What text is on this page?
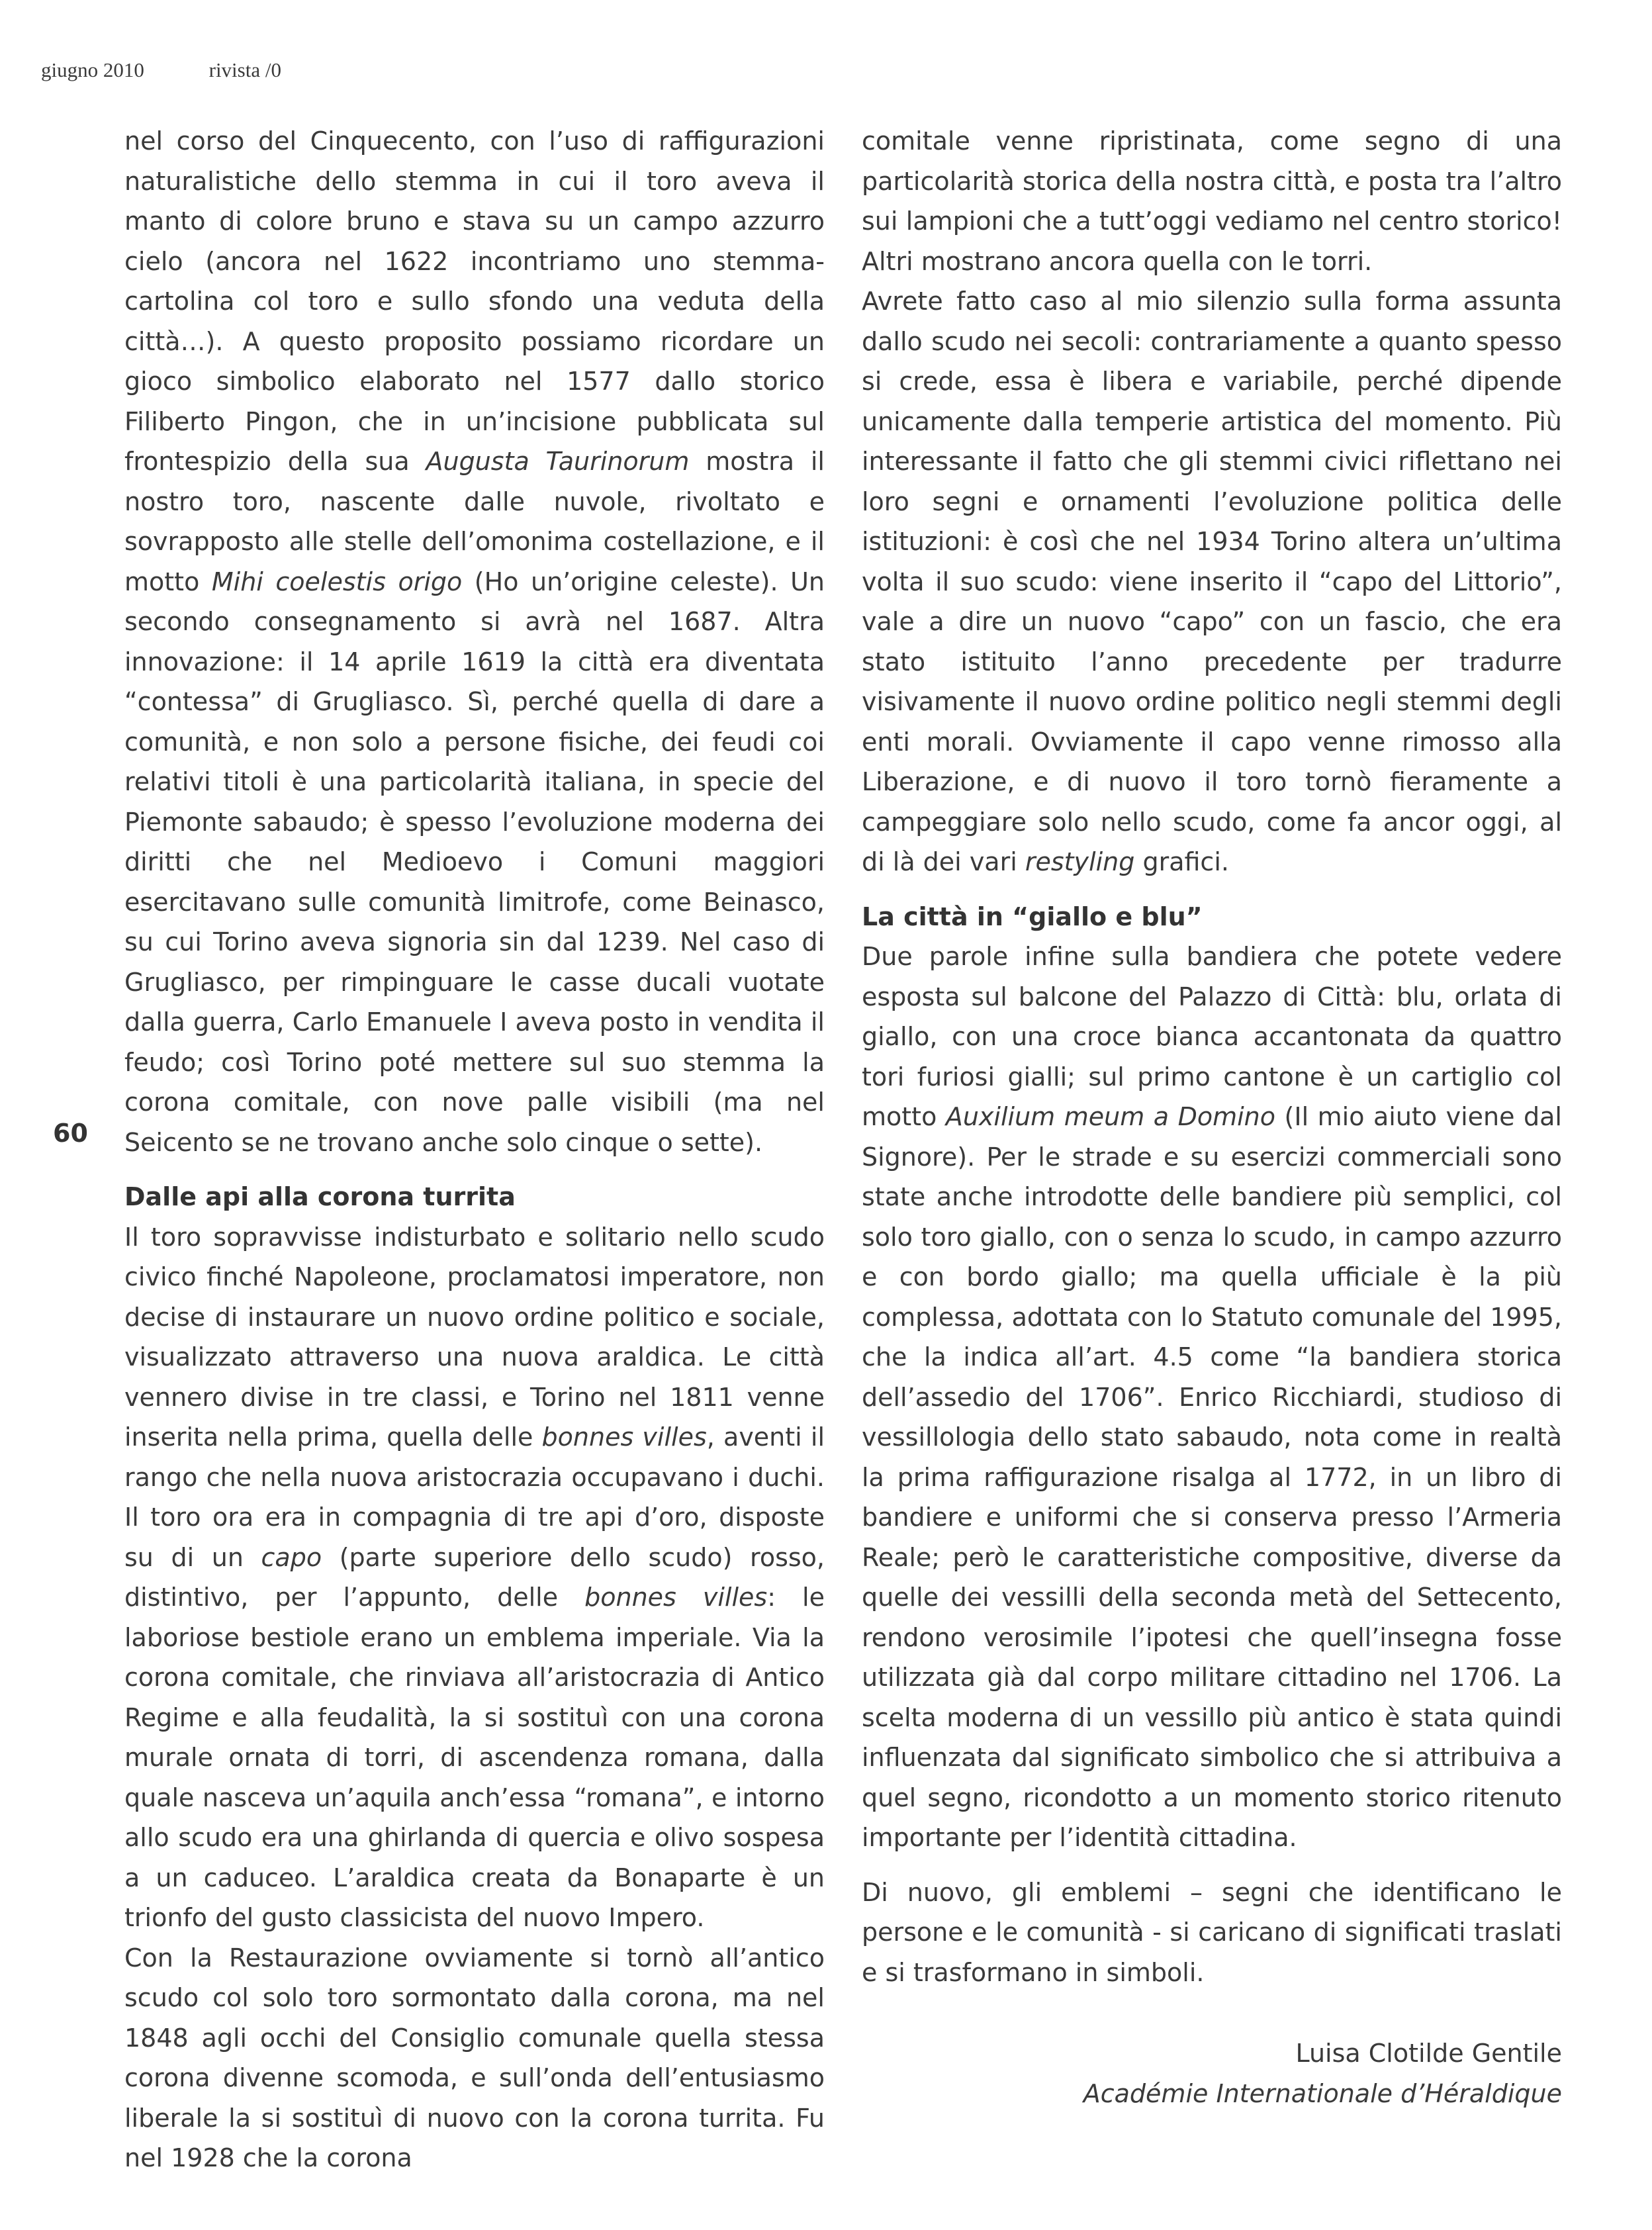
giugno 2010	rivista /0
60

nel corso del Cinquecento, con l’uso di raffigurazioni naturalistiche dello stemma in cui il toro aveva il manto di colore bruno e stava su un campo azzurro cielo (ancora nel 1622 incontriamo uno stemma-cartolina col toro e sullo sfondo una veduta della città…). A questo proposito possiamo ricordare un gioco simbolico elaborato nel 1577 dallo storico Filiberto Pingon, che in un’incisione pubblicata sul frontespizio della sua Augusta Taurinorum mostra il nostro toro, nascente dalle nuvole, rivoltato e sovrapposto alle stelle dell’omonima costellazione, e il motto Mihi coelestis origo (Ho un’origine celeste). Un secondo consegnamento si avrà nel 1687. Altra innovazione: il 14 aprile 1619 la città era diventata “contessa” di Grugliasco. Sì, perché quella di dare a comunità, e non solo a persone fisiche, dei feudi coi relativi titoli è una particolarità italiana, in specie del Piemonte sabaudo; è spesso l’evoluzione moderna dei diritti che nel Medioevo i Comuni maggiori esercitavano sulle comunità limitrofe, come Beinasco, su cui Torino aveva signoria sin dal 1239. Nel caso di Grugliasco, per rimpinguare le casse ducali vuotate dalla guerra, Carlo Emanuele I aveva posto in vendita il feudo; così Torino poté mettere sul suo stemma la corona comitale, con nove palle visibili (ma nel Seicento se ne trovano anche solo cinque o sette).

Dalle api alla corona turrita

Il toro sopravvisse indisturbato e solitario nello scudo civico finché Napoleone, proclamatosi imperatore, non decise di instaurare un nuovo ordine politico e sociale, visualizzato attraverso una nuova araldica. Le città vennero divise in tre classi, e Torino nel 1811 venne inserita nella prima, quella delle bonnes villes, aventi il rango che nella nuova aristocrazia occupavano i duchi. Il toro ora era in compagnia di tre api d’oro, disposte su di un capo (parte superiore dello scudo) rosso, distintivo, per l’appunto, delle bonnes villes: le laboriose bestiole erano un emblema imperiale. Via la corona comitale, che rinviava all’aristocrazia di Antico Regime e alla feudalità, la si sostituì con una corona murale ornata di torri, di ascendenza romana, dalla quale nasceva un’aquila anch’essa “romana”, e intorno allo scudo era una ghirlanda di quercia e olivo sospesa a un caduceo. L’araldica creata da Bonaparte è un trionfo del gusto classicista del nuovo Impero.

Con la Restaurazione ovviamente si tornò all’antico scudo col solo toro sormontato dalla corona, ma nel 1848 agli occhi del Consiglio comunale quella stessa corona divenne scomoda, e sull’onda dell’entusiasmo liberale la si sostituì di nuovo con la corona turrita. Fu nel 1928 che la corona

comitale venne ripristinata, come segno di una particolarità storica della nostra città, e posta tra l’altro sui lampioni che a tutt’oggi vediamo nel centro storico! Altri mostrano ancora quella con le torri.

Avrete fatto caso al mio silenzio sulla forma assunta dallo scudo nei secoli: contrariamente a quanto spesso si crede, essa è libera e variabile, perché dipende unicamente dalla temperie artistica del momento. Più interessante il fatto che gli stemmi civici riflettano nei loro segni e ornamenti l’evoluzione politica delle istituzioni: è così che nel 1934 Torino altera un’ultima volta il suo scudo: viene inserito il “capo del Littorio”, vale a dire un nuovo “capo” con un fascio, che era stato istituito l’anno precedente per tradurre visivamente il nuovo ordine politico negli stemmi degli enti morali. Ovviamente il capo venne rimosso alla Liberazione, e di nuovo il toro tornò fieramente a campeggiare solo nello scudo, come fa ancor oggi, al di là dei vari restyling grafici.

La città in “giallo e blu”

Due parole infine sulla bandiera che potete vedere esposta sul balcone del Palazzo di Città: blu, orlata di giallo, con una croce bianca accantonata da quattro tori furiosi gialli; sul primo cantone è un cartiglio col motto Auxilium meum a Domino (Il mio aiuto viene dal Signore). Per le strade e su esercizi commerciali sono state anche introdotte delle bandiere più semplici, col solo toro giallo, con o senza lo scudo, in campo azzurro e con bordo giallo; ma quella ufficiale è la più complessa, adottata con lo Statuto comunale del 1995, che la indica all’art. 4.5 come “la bandiera storica dell’assedio del 1706”. Enrico Ricchiardi, studioso di vessillologia dello stato sabaudo, nota come in realtà la prima raffigurazione risalga al 1772, in un libro di bandiere e uniformi che si conserva presso l’Armeria Reale; però le caratteristiche compositive, diverse da quelle dei vessilli della seconda metà del Settecento, rendono verosimile l’ipotesi che quell’insegna fosse utilizzata già dal corpo militare cittadino nel 1706. La scelta moderna di un vessillo più antico è stata quindi influenzata dal significato simbolico che si attribuiva a quel segno, ricondotto a un momento storico ritenuto importante per l’identità cittadina.

Di nuovo, gli emblemi – segni che identificano le persone e le comunità - si caricano di significati traslati e si trasformano in simboli.

Luisa Clotilde Gentile
Académie Internationale d’Héraldique
